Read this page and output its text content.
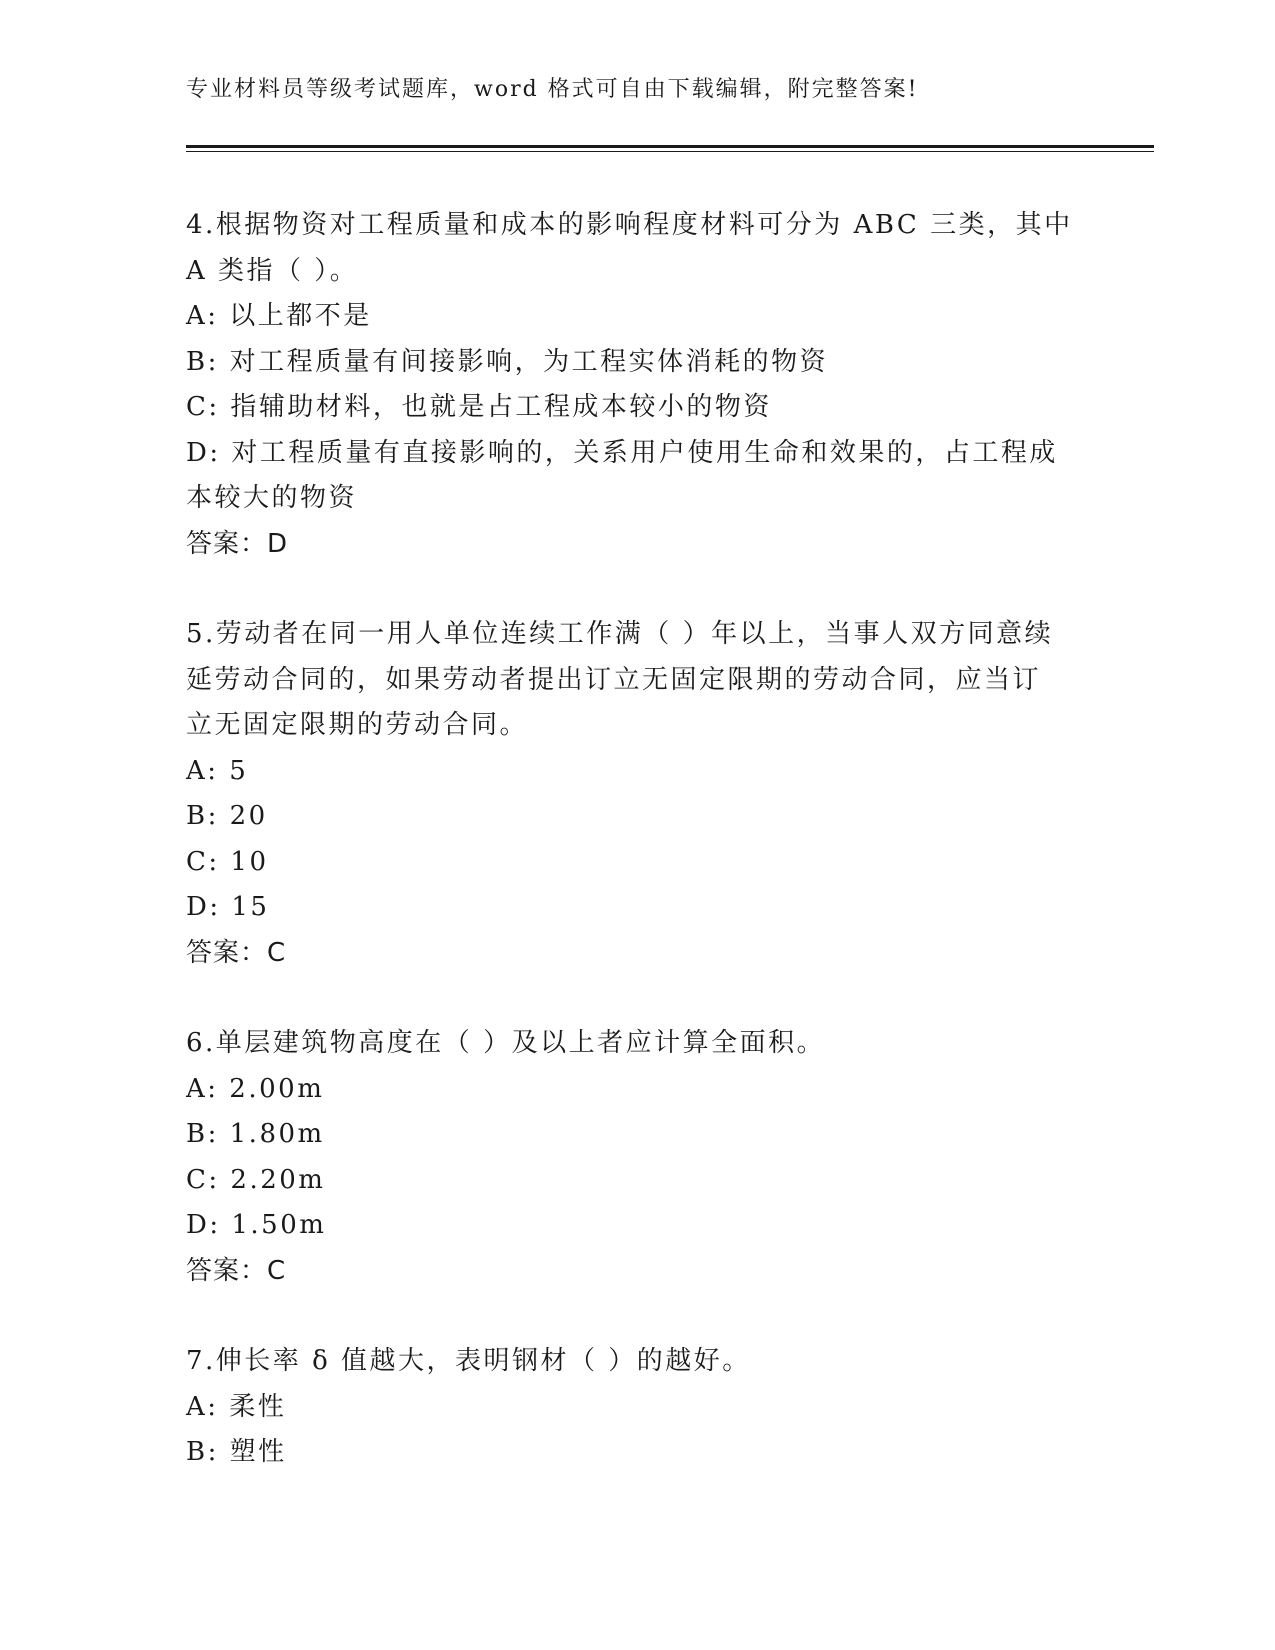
专业材料员等级考试题库，word 格式可自由下载编辑，附完整答案!
4.根据物资对工程质量和成本的影响程度材料可分为 ABC 三类，其中
A 类指（ ）。
A: 以上都不是
B: 对工程质量有间接影响，为工程实体消耗的物资
C: 指辅助材料，也就是占工程成本较小的物资
D: 对工程质量有直接影响的，关系用户使用生命和效果的，占工程成
本较大的物资
答案：D
5.劳动者在同一用人单位连续工作满（ ）年以上，当事人双方同意续
延劳动合同的，如果劳动者提出订立无固定限期的劳动合同，应当订
立无固定限期的劳动合同。
A: 5
B: 20
C: 10
D: 15
答案：C
6.单层建筑物高度在（ ）及以上者应计算全面积。
A: 2.00m
B: 1.80m
C: 2.20m
D: 1.50m
答案：C
7.伸长率 δ 值越大，表明钢材（ ）的越好。
A: 柔性
B: 塑性
